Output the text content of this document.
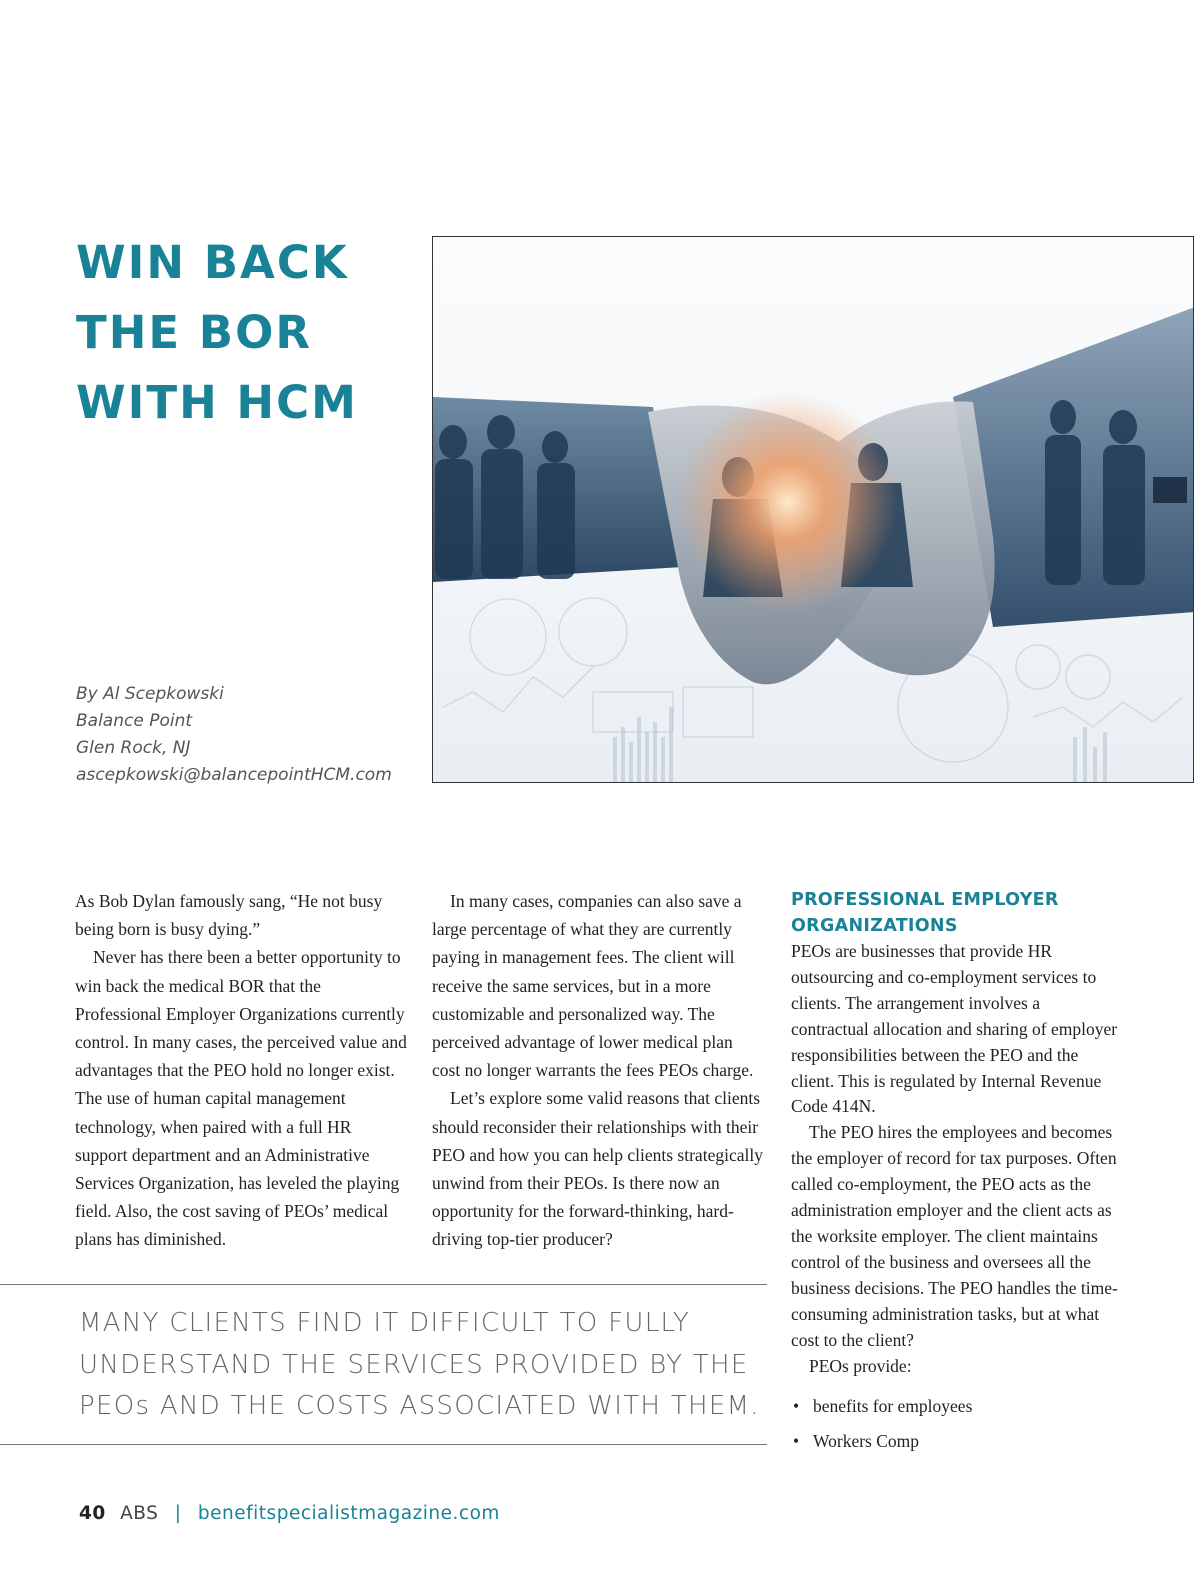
WIN BACK
THE BOR
WITH HCM
By Al Scepkowski
Balance Point
Glen Rock, NJ
ascepkowski@balancepointHCM.com

As Bob Dylan famously sang, “He not busy being born is busy dying.”

Never has there been a better opportunity to win back the medical BOR that the Professional Employer Organizations currently control. In many cases, the perceived value and advantages that the PEO hold no longer exist. The use of human capital management technology, when paired with a full HR support department and an Administrative Services Organization, has leveled the playing field. Also, the cost saving of PEOs’ medical plans has diminished.

In many cases, companies can also save a large percentage of what they are currently paying in management fees. The client will receive the same services, but in a more customizable and personalized way. The perceived advantage of lower medical plan cost no longer warrants the fees PEOs charge.

Let’s explore some valid reasons that clients should reconsider their relationships with their PEO and how you can help clients strategically unwind from their PEOs. Is there now an opportunity for the forward-thinking, hard-driving top-tier producer?

PROFESSIONAL EMPLOYER ORGANIZATIONS

PEOs are businesses that provide HR outsourcing and co-employment services to clients. The arrangement involves a contractual allocation and sharing of employer responsibilities between the PEO and the client. This is regulated by Internal Revenue Code 414N.

The PEO hires the employees and becomes the employer of record for tax purposes. Often called co-employment, the PEO acts as the administration employer and the client acts as the worksite employer. The client maintains control of the business and oversees all the business decisions. The PEO handles the time-consuming administration tasks, but at what cost to the client?

PEOs provide:

• benefits for employees
• Workers Comp
MANY CLIENTS FIND IT DIFFICULT TO FULLY
UNDERSTAND THE SERVICES PROVIDED BY THE
PEOs AND THE COSTS ASSOCIATED WITH THEM.
40 ABS | benefitspecialistmagazine.com
